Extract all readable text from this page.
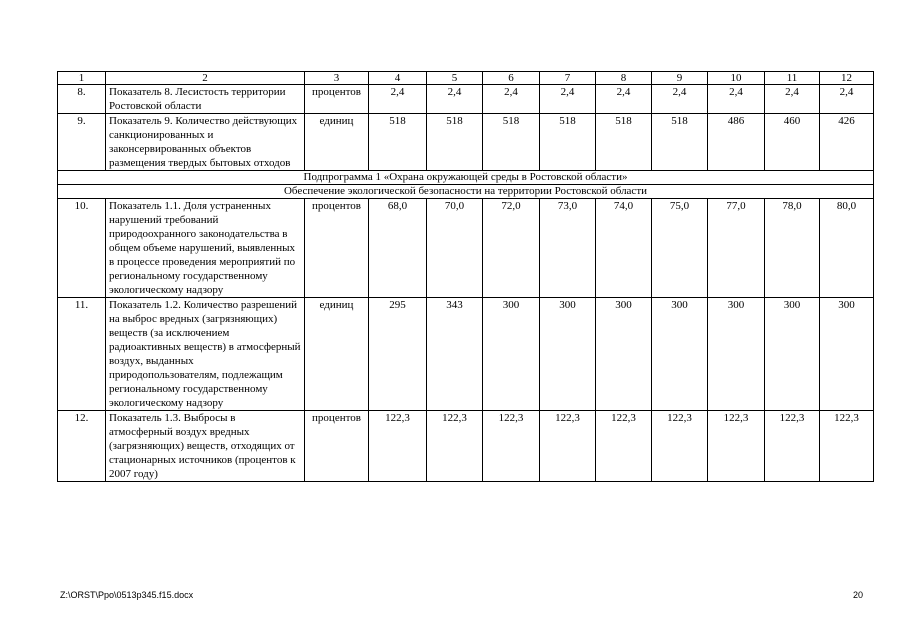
1	2	3	4	5	6	7	8	9	10	11	12
8.	Показатель 8. Лесистость территории Ростовской области	процентов	2,4	2,4	2,4	2,4	2,4	2,4	2,4	2,4	2,4
9.	Показатель 9. Количество действующих санкционированных и законсервированных объектов размещения твердых бытовых отходов	единиц	518	518	518	518	518	518	486	460	426
Подпрограмма 1 «Охрана окружающей среды в Ростовской области»											
Обеспечение экологической безопасности на территории Ростовской области											
10.	Показатель 1.1. Доля устраненных нарушений требований природоохранного законодательства в общем объеме нарушений, выявленных в процессе проведения мероприятий по региональному государственному экологическому надзору	процентов	68,0	70,0	72,0	73,0	74,0	75,0	77,0	78,0	80,0
11.	Показатель 1.2. Количество разрешений на выброс вредных (загрязняющих) веществ (за исключением радиоактивных веществ) в атмосферный воздух, выданных природопользователям, подлежащим региональному государственному экологическому надзору	единиц	295	343	300	300	300	300	300	300	300
12.	Показатель 1.3. Выбросы в атмосферный воздух вредных (загрязняющих) веществ, отходящих от стационарных источников (процентов к 2007 году)	процентов	122,3	122,3	122,3	122,3	122,3	122,3	122,3	122,3	122,3
Z:\ORST\Ppo\0513p345.f15.docx	20
